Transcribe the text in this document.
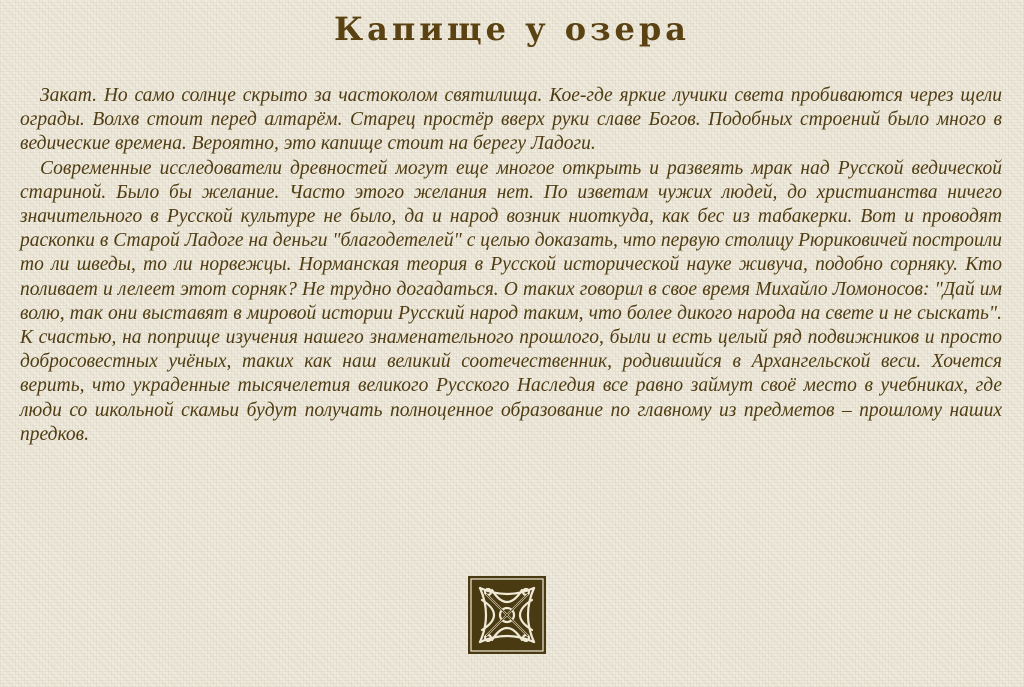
Капище у озера

Закат. Но само солнце скрыто за частоколом святилища. Кое-где яркие лучики света пробиваются через щели ограды. Волхв стоит перед алтарём. Старец простёр вверх руки славе Богов. Подобных строений было много в ведические времена. Вероятно, это капище стоит на берегу Ладоги.

Современные исследователи древностей могут еще многое открыть и развеять мрак над Русской ведической стариной. Было бы желание. Часто этого желания нет. По изветам чужих людей, до христианства ничего значительного в Русской культуре не было, да и народ возник ниоткуда, как бес из табакерки. Вот и проводят раскопки в Старой Ладоге на деньги "благодетелей" с целью доказать, что первую столицу Рюриковичей построили то ли шведы, то ли норвежцы. Норманская теория в Русской исторической науке живуча, подобно сорняку. Кто поливает и лелеет этот сорняк? Не трудно догадаться. О таких говорил в свое время Михайло Ломоносов: "Дай им волю, так они выставят в мировой истории Русский народ таким, что более дикого народа на свете и не сыскать". К счастью, на поприще изучения нашего знаменательного прошлого, были и есть целый ряд подвижников и просто добросовестных учёных, таких как наш великий соотечественник, родившийся в Архангельской веси. Хочется верить, что украденные тысячелетия великого Русского Наследия все равно займут своё место в учебниках, где люди со школьной скамьи будут получать полноценное образование по главному из предметов – прошлому наших предков.
